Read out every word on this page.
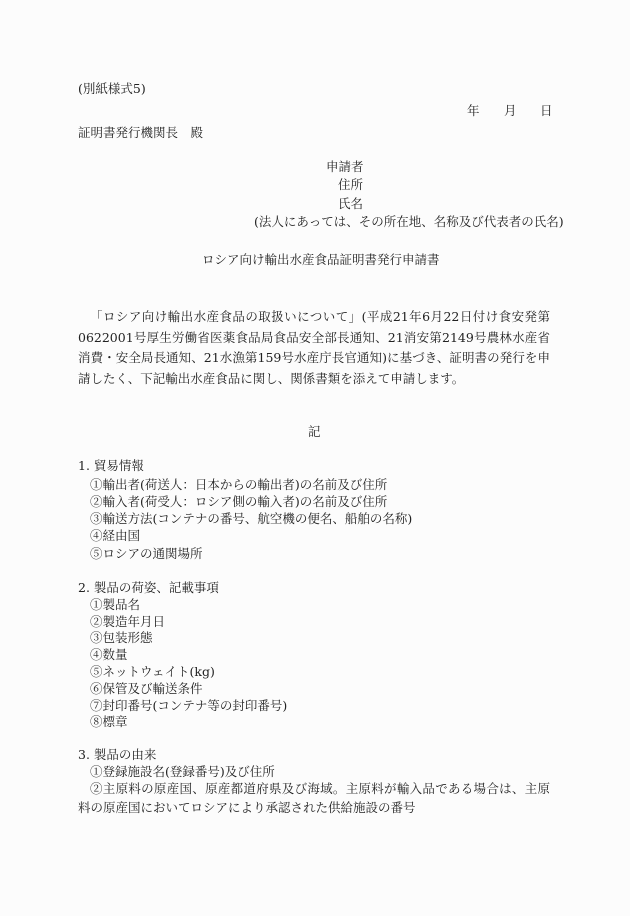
(別紙様式5)
年 月 日
証明書発行機関長　殿
申請者
住所
氏名
(法人にあっては、その所在地、名称及び代表者の氏名)
ロシア向け輸出水産食品証明書発行申請書
「ロシア向け輸出水産食品の取扱いについて」(平成21年6月22日付け食安発第0622001号厚生労働省医薬食品局食品安全部長通知、21消安第2149号農林水産省消費・安全局長通知、21水漁第159号水産庁長官通知)に基づき、証明書の発行を申請したく、下記輸出水産食品に関し、関係書類を添えて申請します。
記
1. 貿易情報
①輸出者(荷送人：日本からの輸出者)の名前及び住所
②輸入者(荷受人：ロシア側の輸入者)の名前及び住所
③輸送方法(コンテナの番号、航空機の便名、船舶の名称)
④経由国
⑤ロシアの通関場所
2. 製品の荷姿、記載事項
①製品名
②製造年月日
③包装形態
④数量
⑤ネットウェイト(kg)
⑥保管及び輸送条件
⑦封印番号(コンテナ等の封印番号)
⑧標章
3. 製品の由来
①登録施設名(登録番号)及び住所
②主原料の原産国、原産都道府県及び海域。主原料が輸入品である場合は、主原料の原産国においてロシアにより承認された供給施設の番号
